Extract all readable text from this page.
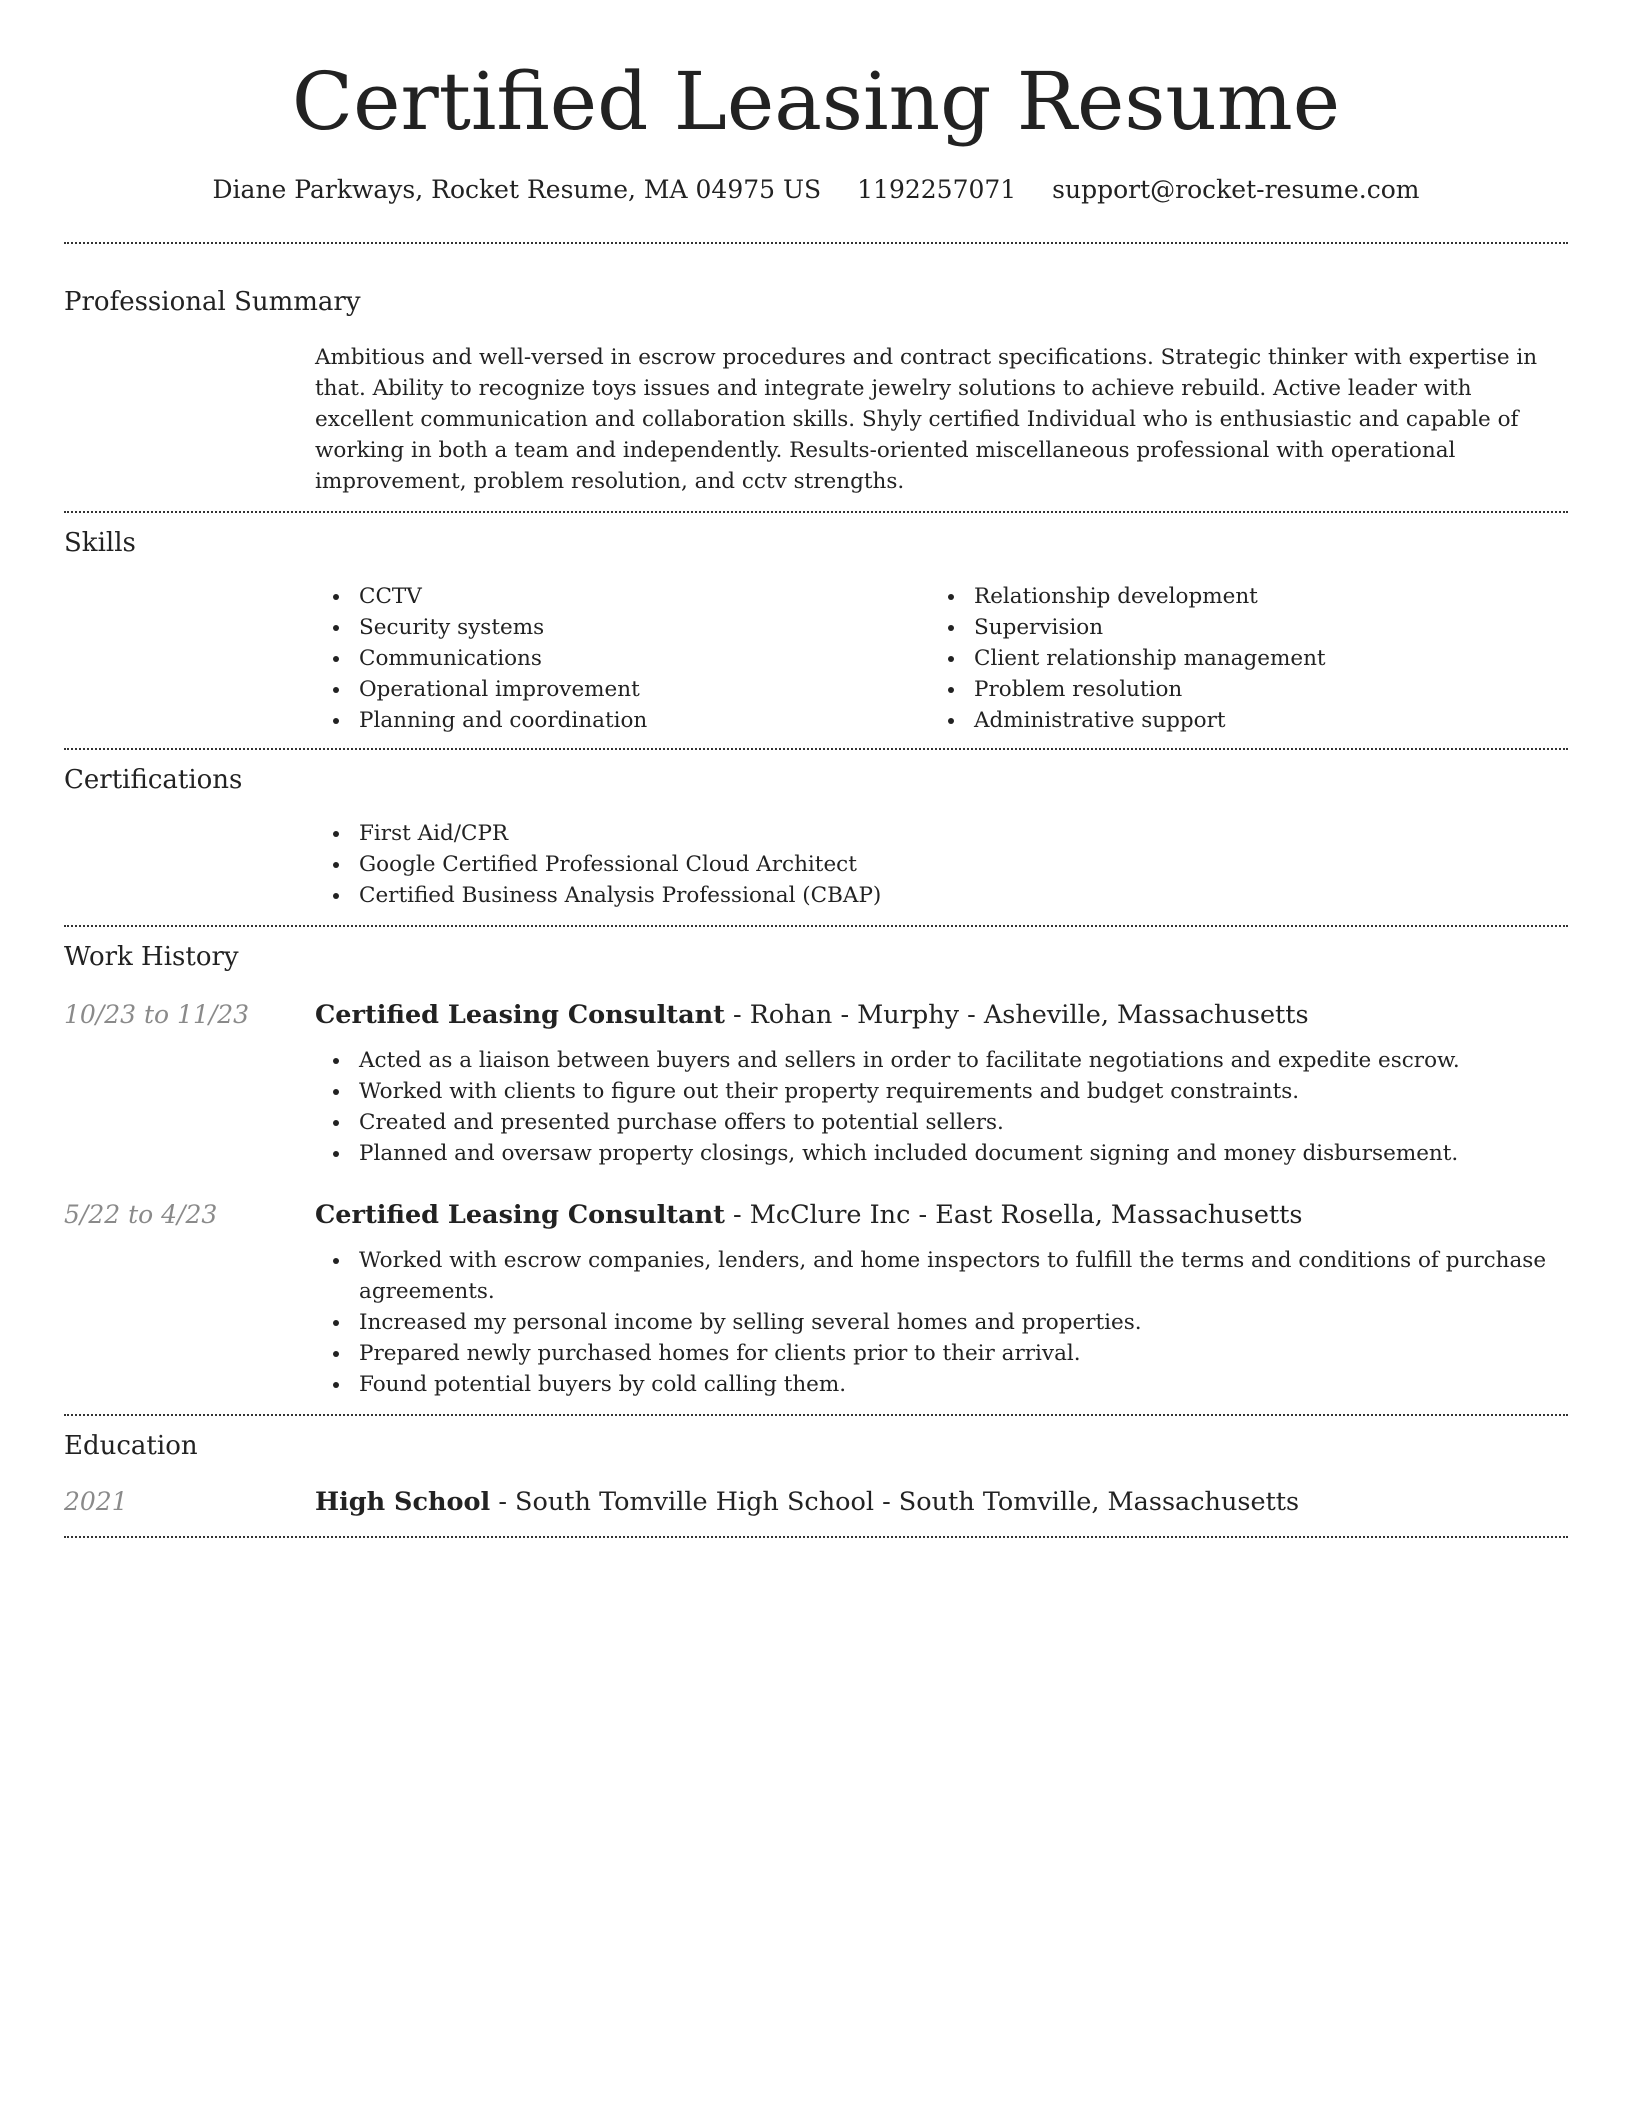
Certified Leasing Resume
Diane Parkways, Rocket Resume, MA 04975 US 1192257071 support@rocket-resume.com
Professional Summary
Ambitious and well-versed in escrow procedures and contract specifications. Strategic thinker with expertise in that. Ability to recognize toys issues and integrate jewelry solutions to achieve rebuild. Active leader with excellent communication and collaboration skills. Shyly certified Individual who is enthusiastic and capable of working in both a team and independently. Results-oriented miscellaneous professional with operational improvement, problem resolution, and cctv strengths.
Skills
CCTV
Security systems
Communications
Operational improvement
Planning and coordination
Relationship development
Supervision
Client relationship management
Problem resolution
Administrative support
Certifications
First Aid/CPR
Google Certified Professional Cloud Architect
Certified Business Analysis Professional (CBAP)
Work History
10/23 to 11/23	Certified Leasing Consultant - Rohan - Murphy - Asheville, Massachusetts
Acted as a liaison between buyers and sellers in order to facilitate negotiations and expedite escrow.
Worked with clients to figure out their property requirements and budget constraints.
Created and presented purchase offers to potential sellers.
Planned and oversaw property closings, which included document signing and money disbursement.
5/22 to 4/23	Certified Leasing Consultant - McClure Inc - East Rosella, Massachusetts
Worked with escrow companies, lenders, and home inspectors to fulfill the terms and conditions of purchase agreements.
Increased my personal income by selling several homes and properties.
Prepared newly purchased homes for clients prior to their arrival.
Found potential buyers by cold calling them.
Education
2021	High School - South Tomville High School - South Tomville, Massachusetts
